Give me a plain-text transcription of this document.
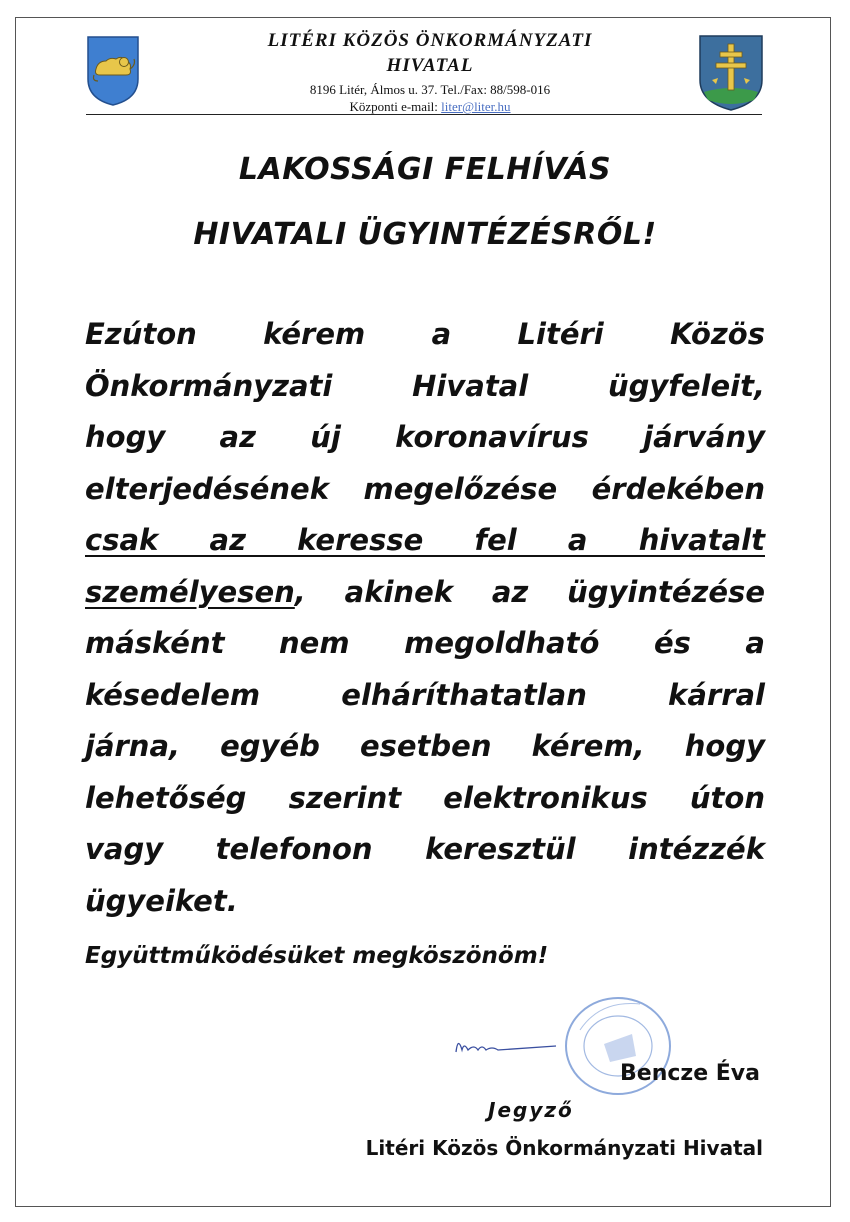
LITÉRI KÖZÖS ÖNKORMÁNYZATI
HIVATAL
8196 Litér, Álmos u. 37. Tel./Fax: 88/598-016
Központi e-mail: liter@liter.hu
LAKOSSÁGI FELHÍVÁS
HIVATALI ÜGYINTÉZÉSRŐL!
Ezúton kérem a Litéri Közös
Önkormányzati Hivatal ügyfeleit,
hogy az új koronavírus járvány
elterjedésének megelőzése érdekében
csak az keresse fel a hivatalt
személyesen, akinek az ügyintézése
másként nem megoldható és a
késedelem elháríthatatlan kárral
járna, egyéb esetben kérem, hogy
lehetőség szerint elektronikus úton
vagy telefonon keresztül intézzék
ügyeiket.
Együttműködésüket megköszönöm!
Bencze Éva
Jegyző
Litéri Közös Önkormányzati Hivatal
